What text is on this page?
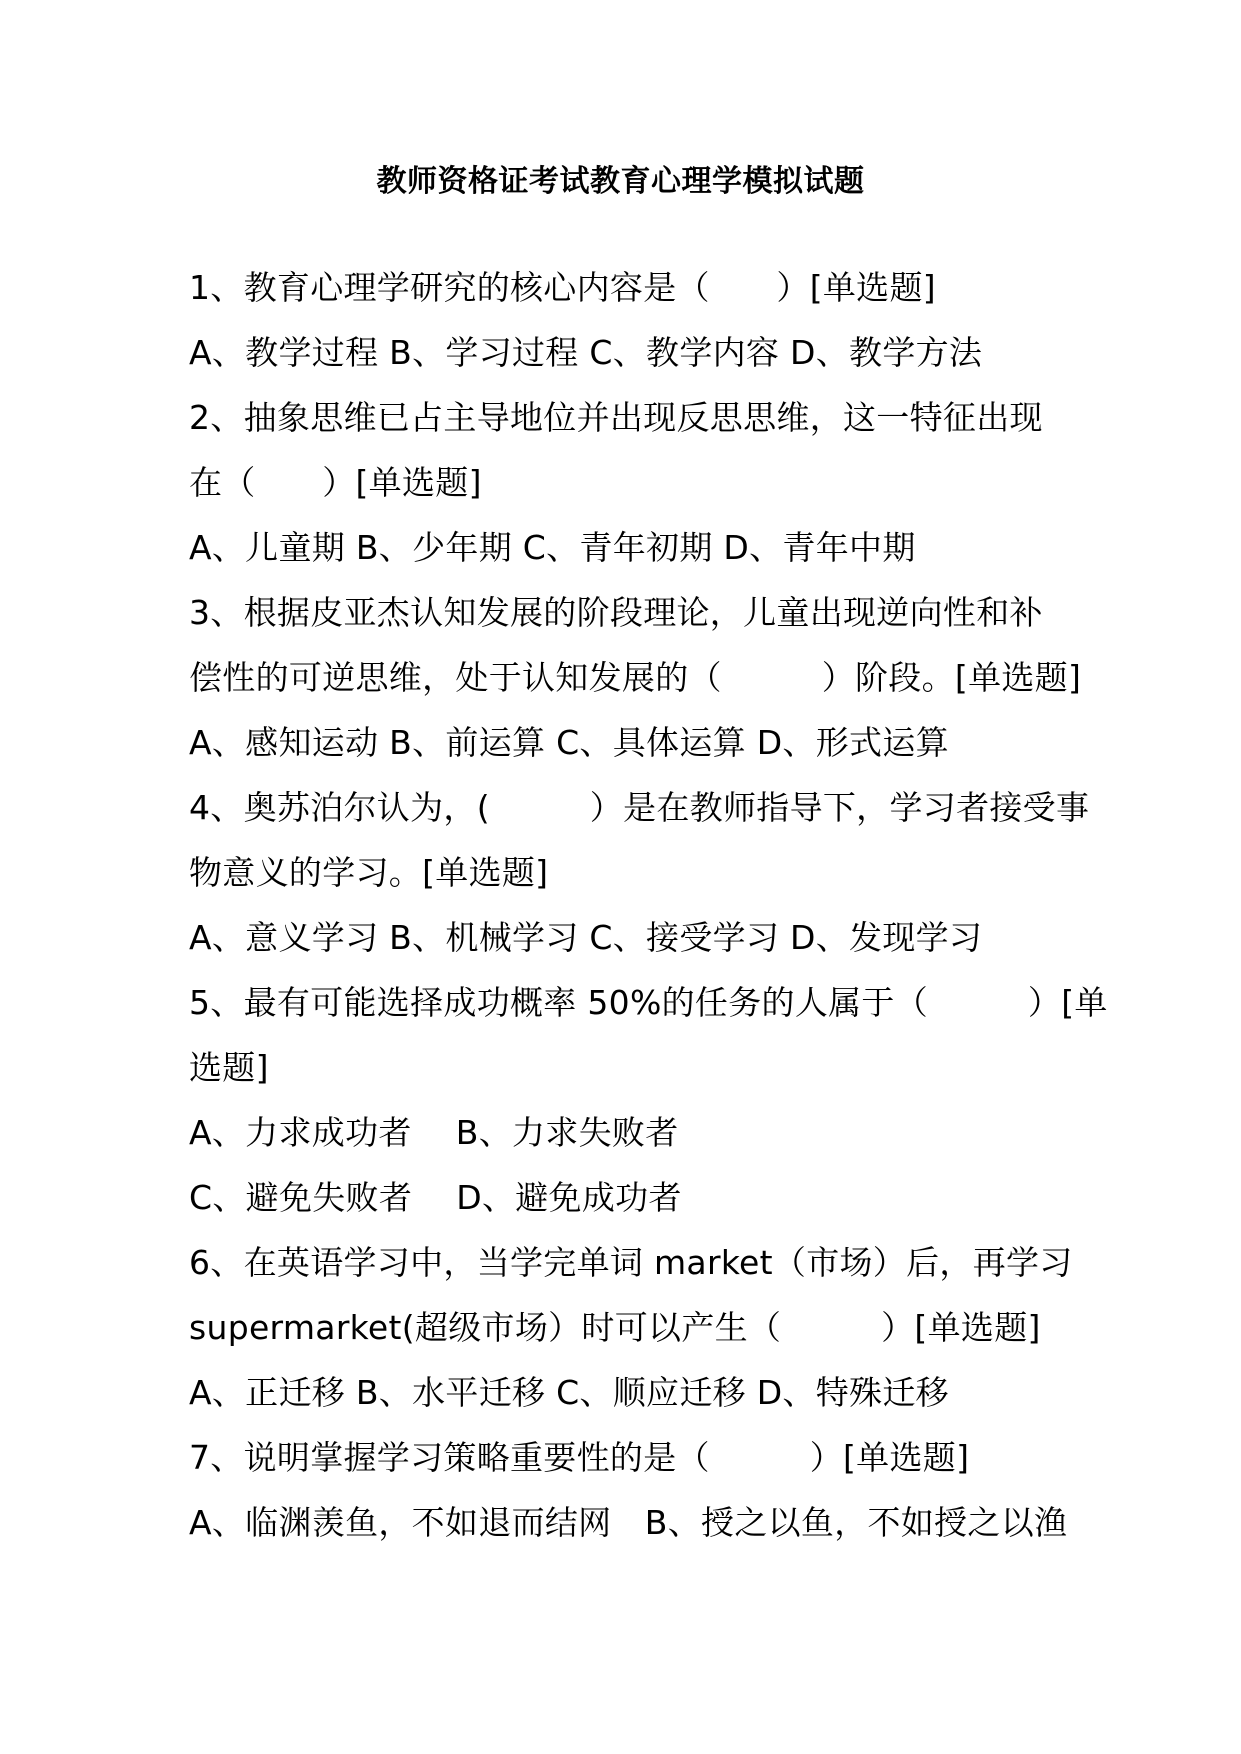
教师资格证考试教育心理学模拟试题
1、教育心理学研究的核心内容是（　　）[单选题]
A、教学过程 B、学习过程 C、教学内容 D、教学方法
2、抽象思维已占主导地位并出现反思思维，这一特征出现
在（　　）[单选题]
A、儿童期 B、少年期 C、青年初期 D、青年中期
3、根据皮亚杰认知发展的阶段理论，儿童出现逆向性和补
偿性的可逆思维，处于认知发展的（　　　）阶段。[单选题]
A、感知运动 B、前运算 C、具体运算 D、形式运算
4、奥苏泊尔认为，(　　　）是在教师指导下，学习者接受事
物意义的学习。[单选题]
A、意义学习 B、机械学习 C、接受学习 D、发现学习
5、最有可能选择成功概率 50%的任务的人属于（　　　）[单
选题]
A、力求成功者　 B、力求失败者
C、避免失败者　 D、避免成功者
6、在英语学习中，当学完单词 market（市场）后，再学习
supermarket(超级市场）时可以产生（　　　）[单选题]
A、正迁移 B、水平迁移 C、顺应迁移 D、特殊迁移
7、说明掌握学习策略重要性的是（　　　）[单选题]
A、临渊羡鱼，不如退而结网　B、授之以鱼，不如授之以渔
